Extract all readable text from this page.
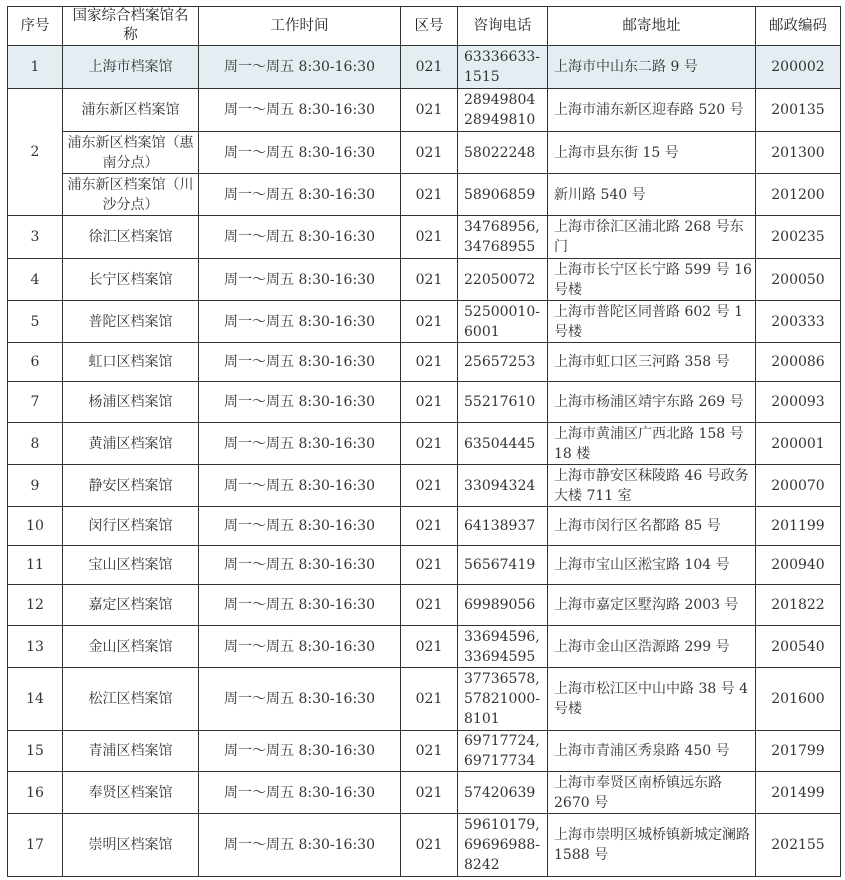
序号	国家综合档案馆名称	工作时间	区号	咨询电话	邮寄地址	邮政编码
1	上海市档案馆	周一～周五 8:30-16:30	021	63336633-1515	上海市中山东二路 9 号	200002
2	浦东新区档案馆	周一～周五 8:30-16:30	021	28949804 28949810	上海市浦东新区迎春路 520 号	200135
	浦东新区档案馆（惠南分点）	周一～周五 8:30-16:30	021	58022248	上海市县东街 15 号	201300
	浦东新区档案馆（川沙分点）	周一～周五 8:30-16:30	021	58906859	新川路 540 号	201200
3	徐汇区档案馆	周一～周五 8:30-16:30	021	34768956, 34768955	上海市徐汇区浦北路 268 号东门	200235
4	长宁区档案馆	周一～周五 8:30-16:30	021	22050072	上海市长宁区长宁路 599 号 16 号楼	200050
5	普陀区档案馆	周一～周五 8:30-16:30	021	52500010-6001	上海市普陀区同普路 602 号 1 号楼	200333
6	虹口区档案馆	周一～周五 8:30-16:30	021	25657253	上海市虹口区三河路 358 号	200086
7	杨浦区档案馆	周一～周五 8:30-16:30	021	55217610	上海市杨浦区靖宇东路 269 号	200093
8	黄浦区档案馆	周一～周五 8:30-16:30	021	63504445	上海市黄浦区广西北路 158 号 18 楼	200001
9	静安区档案馆	周一～周五 8:30-16:30	021	33094324	上海市静安区秣陵路 46 号政务大楼 711 室	200070
10	闵行区档案馆	周一～周五 8:30-16:30	021	64138937	上海市闵行区名都路 85 号	201199
11	宝山区档案馆	周一～周五 8:30-16:30	021	56567419	上海市宝山区淞宝路 104 号	200940
12	嘉定区档案馆	周一～周五 8:30-16:30	021	69989056	上海市嘉定区墅沟路 2003 号	201822
13	金山区档案馆	周一～周五 8:30-16:30	021	33694596, 33694595	上海市金山区浩源路 299 号	200540
14	松江区档案馆	周一～周五 8:30-16:30	021	37736578, 57821000-8101	上海市松江区中山中路 38 号 4 号楼	201600
15	青浦区档案馆	周一～周五 8:30-16:30	021	69717724, 69717734	上海市青浦区秀泉路 450 号	201799
16	奉贤区档案馆	周一～周五 8:30-16:30	021	57420639	上海市奉贤区南桥镇远东路 2670 号	201499
17	崇明区档案馆	周一～周五 8:30-16:30	021	59610179, 69696988-8242	上海市崇明区城桥镇新城定澜路 1588 号	202155
